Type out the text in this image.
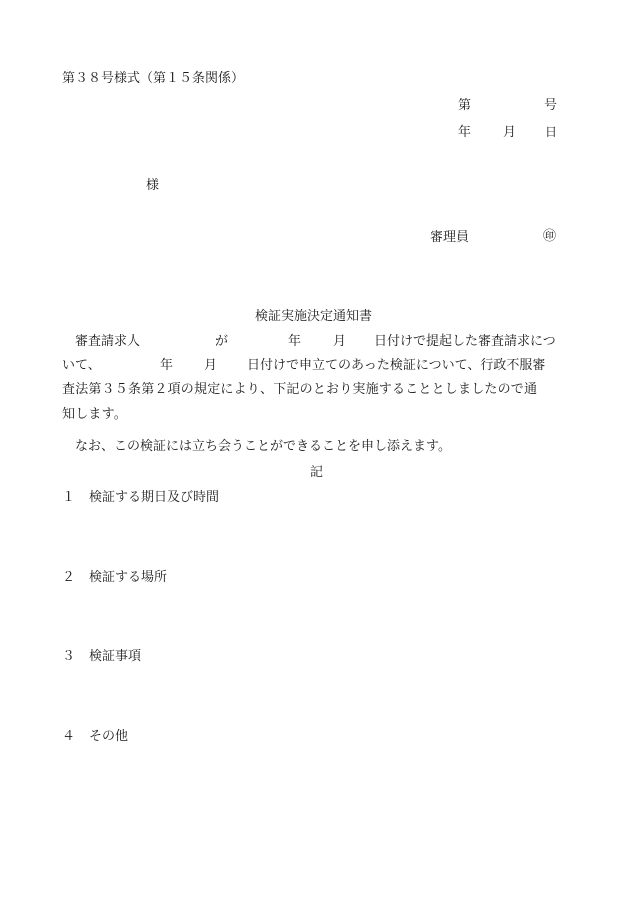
第３８号様式（第１５条関係）
第	号
年 月 日
様
審理員	㊞
検証実施決定通知書
審査請求人	が	年 月 日付けで提起した審査請求につ
いて、	年 月 日付けで申立てのあった検証について、行政不服審
査法第３５条第２項の規定により、下記のとおり実施することとしましたので通
知します。
なお、この検証には立ち会うことができることを申し添えます。
記
１ 検証する期日及び時間
２ 検証する場所
３ 検証事項
４ その他
